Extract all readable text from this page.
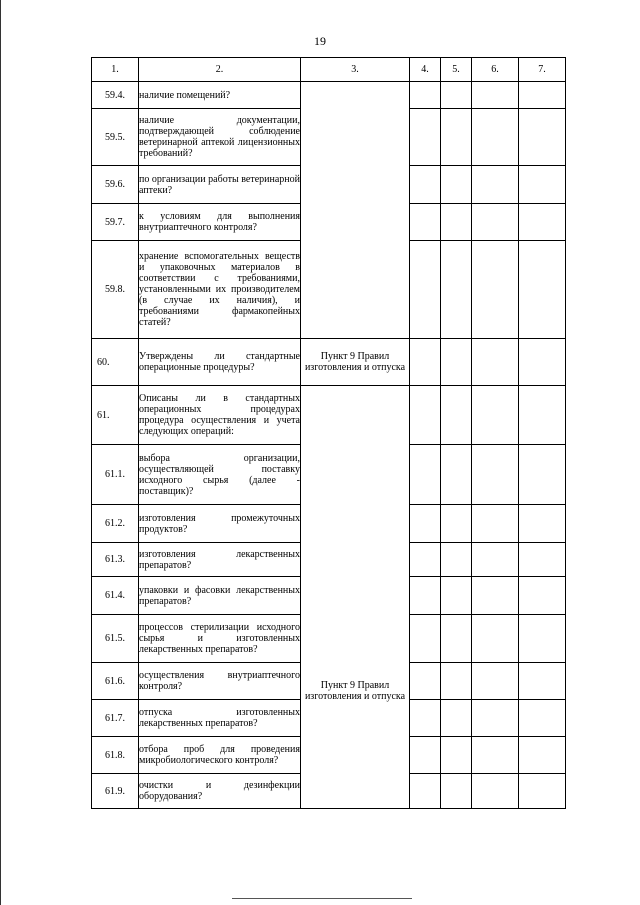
19
1.	2.	3.	4.	5.	6.	7.
59.4.	наличие помещений?					
59.5.	наличие документации, подтверждающей соблюдение ветеринарной аптекой лицензионных требований?					
59.6.	по организации работы ветеринарной аптеки?					
59.7.	к условиям для выполнения внутриаптечного контроля?					
59.8.	хранение вспомогательных веществ и упаковочных материалов в соответствии с требованиями, установленными их производителем (в случае их наличия), и требованиями фармакопейных статей?					
60.	Утверждены ли стандартные операционные процедуры?	Пункт 9 Правил изготовления и отпуска				
61.	Описаны ли в стандартных операционных процедурах процедура осуществления и учета следующих операций:	Пункт 9 Правил изготовления и отпуска				

61.1.	выбора организации, осуществляющей поставку исходного сырья (далее - поставщик)?					
61.2.	изготовления промежуточных продуктов?					
61.3.	изготовления лекарственных препаратов?					
61.4.	упаковки и фасовки лекарственных препаратов?					
61.5.	процессов стерилизации исходного сырья и изготовленных лекарственных препаратов?					
61.6.	осуществления внутриаптечного контроля?					
61.7.	отпуска изготовленных лекарственных препаратов?					
61.8.	отбора проб для проведения микробиологического контроля?					
61.9.	очистки и дезинфекции оборудования?					
